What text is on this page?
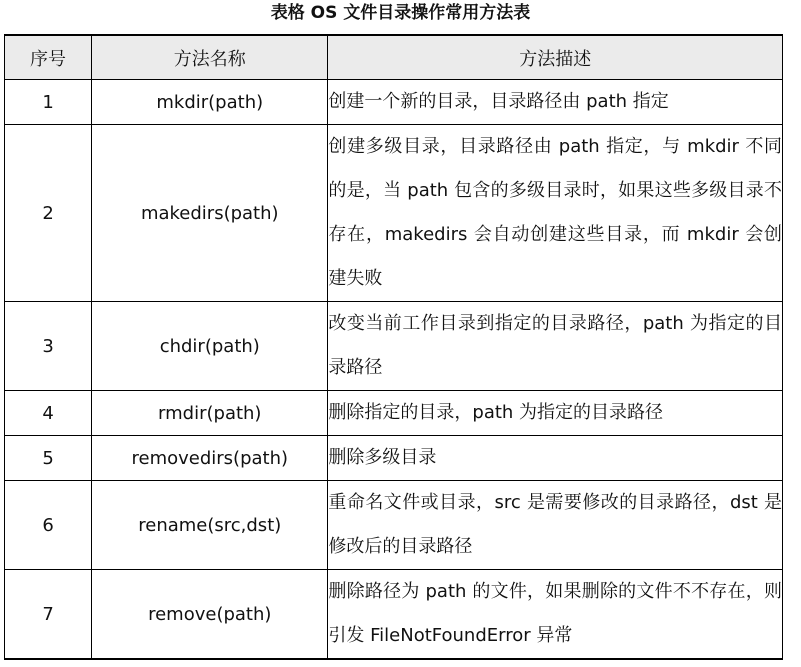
表格 OS 文件目录操作常用方法表
序号	方法名称	方法描述
1	mkdir(path)	创建一个新的目录，目录路径由 path 指定
2	makedirs(path)	创建多级目录，目录路径由 path 指定，与 mkdir 不同的是，当 path 包含的多级目录时，如果这些多级目录不存在，makedirs 会自动创建这些目录，而 mkdir 会创建失败
3	chdir(path)	改变当前工作目录到指定的目录路径，path 为指定的目录路径
4	rmdir(path)	删除指定的目录，path 为指定的目录路径
5	removedirs(path)	删除多级目录
6	rename(src,dst)	重命名文件或目录，src 是需要修改的目录路径，dst 是修改后的目录路径
7	remove(path)	删除路径为 path 的文件，如果删除的文件不不存在，则引发 FileNotFoundError 异常
